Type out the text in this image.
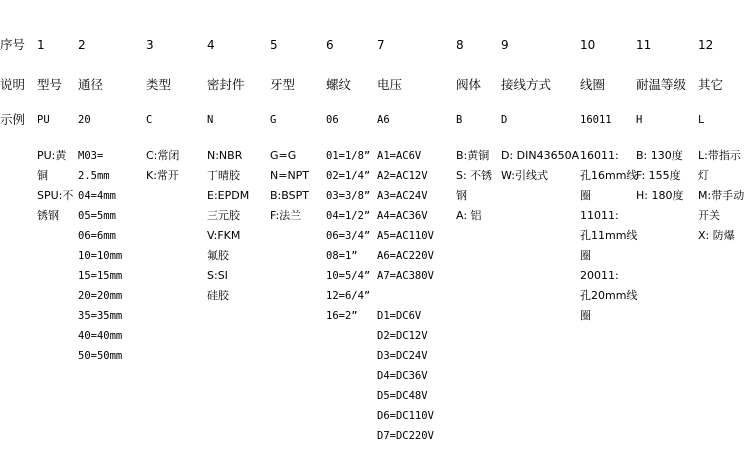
序号
说明
示例
1
型号
PU
PU:黄
铜
SPU:不
锈钢
2
通径
20
M03=
2.5mm
04=4mm
05=5mm
06=6mm
10=10mm
15=15mm
20=20mm
35=35mm
40=40mm
50=50mm
3
类型
C
C:常闭
K:常开
4
密封件
N
N:NBR
丁晴胶
E:EPDM
三元胶
V:FKM
氟胶
S:SI
硅胶
5
牙型
G
G=G
N=NPT
B:BSPT
F:法兰
6
螺纹
06
01=1/8”
02=1/4”
03=3/8”
04=1/2”
06=3/4”
08=1”
10=5/4”
12=6/4”
16=2”
7
电压
A6
A1=AC6V
A2=AC12V
A3=AC24V
A4=AC36V
A5=AC110V
A6=AC220V
A7=AC380V
D1=DC6V
D2=DC12V
D3=DC24V
D4=DC36V
D5=DC48V
D6=DC110V
D7=DC220V
8
阀体
B
B:黄铜
S: 不锈
钢
A: 铝
9
接线方式
D
D: DIN43650A
W:引线式
10
线圈
16011
16011:
孔16mm线
圈
11011:
孔11mm线
圈
20011:
孔20mm线
圈
11
耐温等级
H
B: 130度
F: 155度
H: 180度
12
其它
L
L:带指示
灯
M:带手动
开关
X: 防爆
